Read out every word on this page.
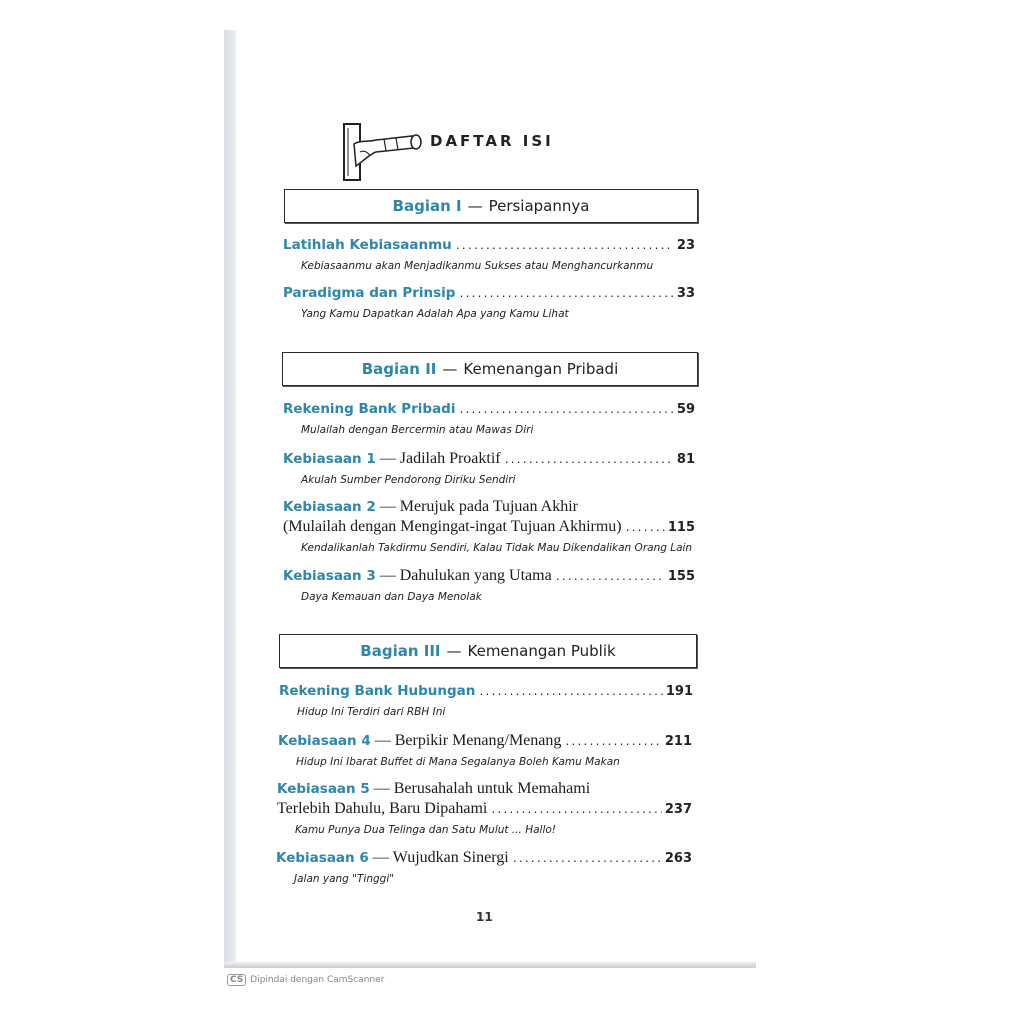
DAFTAR ISI
Bagian I — Persiapannya
Latihlah Kebiasaanmu .....	23
Kebiasaanmu akan Menjadikanmu Sukses atau Menghancurkanmu
Paradigma dan Prinsip .....	33
Yang Kamu Dapatkan Adalah Apa yang Kamu Lihat
Bagian II — Kemenangan Pribadi
Rekening Bank Pribadi .....	59
Mulailah dengan Bercermin atau Mawas Diri
Kebiasaan 1 — Jadilah Proaktif .....	81
Akulah Sumber Pendorong Diriku Sendiri
Kebiasaan 2 — Merujuk pada Tujuan Akhir
(Mulailah dengan Mengingat-ingat Tujuan Akhirmu) .....	115
Kendalikanlah Takdirmu Sendiri, Kalau Tidak Mau Dikendalikan Orang Lain
Kebiasaan 3 — Dahulukan yang Utama .....	155
Daya Kemauan dan Daya Menolak
Bagian III — Kemenangan Publik
Rekening Bank Hubungan .....	191
Hidup Ini Terdiri dari RBH Ini
Kebiasaan 4 — Berpikir Menang/Menang .....	211
Hidup Ini Ibarat Buffet di Mana Segalanya Boleh Kamu Makan
Kebiasaan 5 — Berusahalah untuk Memahami
Terlebih Dahulu, Baru Dipahami .....	237
Kamu Punya Dua Telinga dan Satu Mulut ... Hallo!
Kebiasaan 6 — Wujudkan Sinergi .....	263
Jalan yang "Tinggi"
11
CS Dipindai dengan CamScanner
